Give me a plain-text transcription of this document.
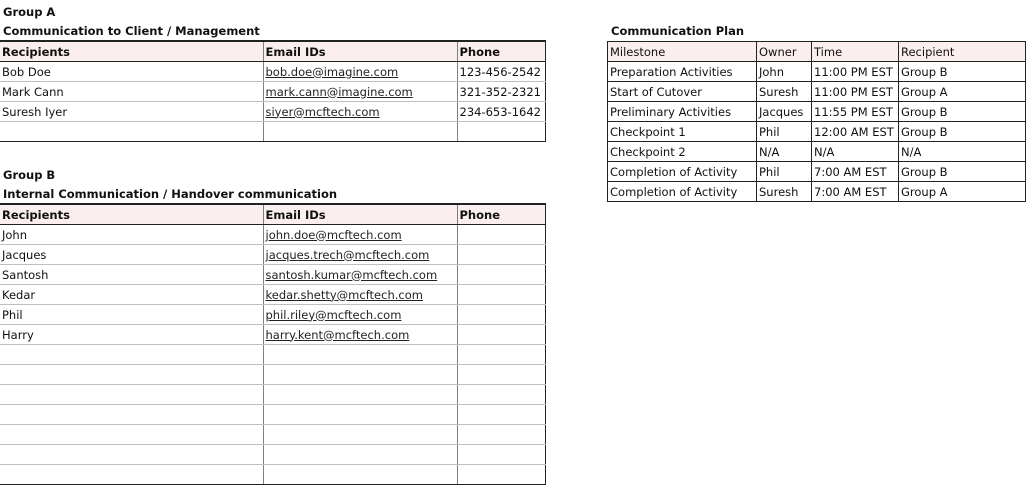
Group A
Communication to Client / Management
Recipients	Email IDs	Phone
Bob Doe	bob.doe@imagine.com	123-456-2542
Mark Cann	mark.cann@imagine.com	321-352-2321
Suresh Iyer	siyer@mcftech.com	234-653-1642

Group B
Internal Communication / Handover communication
Recipients	Email IDs	Phone
John	john.doe@mcftech.com	
Jacques	jacques.trech@mcftech.com	
Santosh	santosh.kumar@mcftech.com	
Kedar	kedar.shetty@mcftech.com	
Phil	phil.riley@mcftech.com	
Harry	harry.kent@mcftech.com	

Communication Plan
Milestone	Owner	Time	Recipient
Preparation Activities	John	11:00 PM EST	Group B
Start of Cutover	Suresh	11:00 PM EST	Group A
Preliminary Activities	Jacques	11:55 PM EST	Group B
Checkpoint 1	Phil	12:00 AM EST	Group B
Checkpoint 2	N/A	N/A	N/A
Completion of Activity	Phil	7:00 AM EST	Group B
Completion of Activity	Suresh	7:00 AM EST	Group A
